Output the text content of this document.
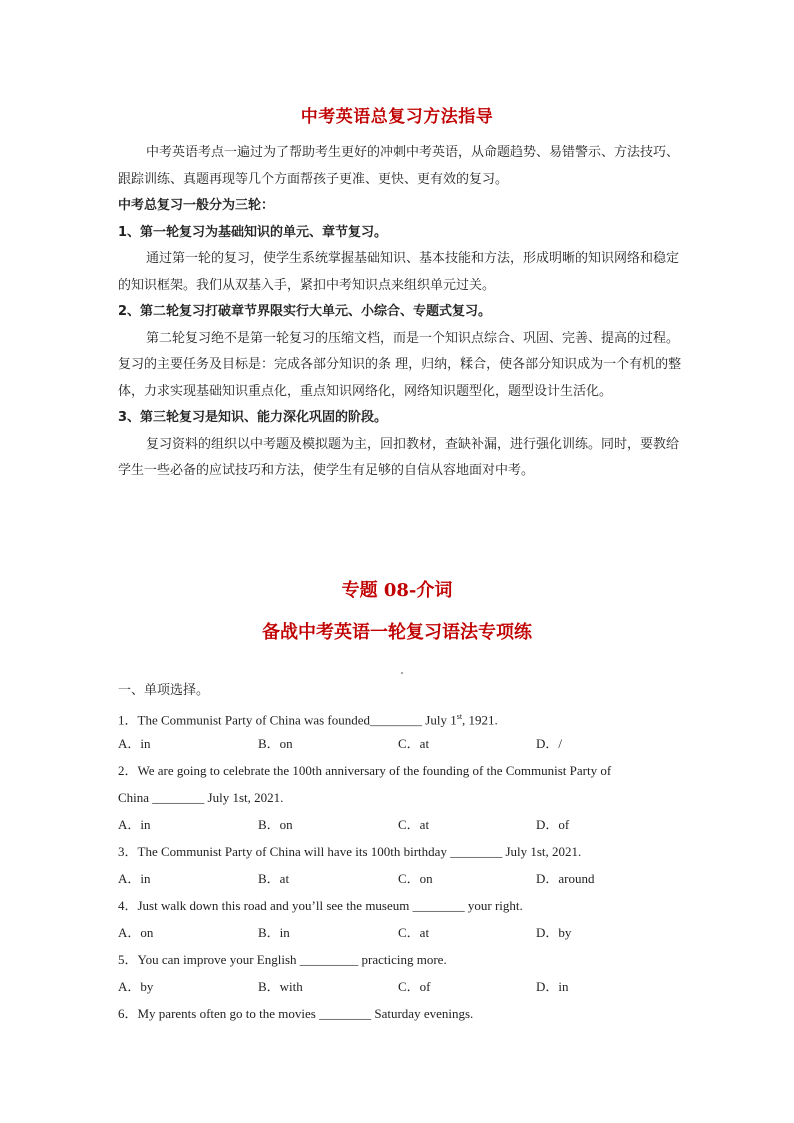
中考英语总复习方法指导

中考英语考点一遍过为了帮助考生更好的冲刺中考英语，从命题趋势、易错警示、方法技巧、跟踪训练、真题再现等几个方面帮孩子更准、更快、更有效的复习。

中考总复习一般分为三轮：

1、第一轮复习为基础知识的单元、章节复习。

通过第一轮的复习，使学生系统掌握基础知识、基本技能和方法，形成明晰的知识网络和稳定的知识框架。我们从双基入手，紧扣中考知识点来组织单元过关。

2、第二轮复习打破章节界限实行大单元、小综合、专题式复习。

第二轮复习绝不是第一轮复习的压缩文档，而是一个知识点综合、巩固、完善、提高的过程。复习的主要任务及目标是：完成各部分知识的条 理，归纳，糅合，使各部分知识成为一个有机的整体，力求实现基础知识重点化，重点知识网络化，网络知识题型化，题型设计生活化。

3、第三轮复习是知识、能力深化巩固的阶段。

复习资料的组织以中考题及模拟题为主，回扣教材，查缺补漏，进行强化训练。同时，要教给学生一些必备的应试技巧和方法，使学生有足够的自信从容地面对中考。

专题 08-介词
备战中考英语一轮复习语法专项练
一、单项选择。
1．The Communist Party of China was founded________ July 1st, 1921.
A．in	B．on	C．at	D．/
2．We are going to celebrate the 100th anniversary of the founding of the Communist Party of
China ________ July 1st, 2021.
A．in	B．on	C．at	D．of
3．The Communist Party of China will have its 100th birthday ________ July 1st, 2021.
A．in	B．at	C．on	D．around
4．Just walk down this road and you’ll see the museum ________ your right.
A．on	B．in	C．at	D．by
5．You can improve your English _________ practicing more.
A．by	B．with	C．of	D．in
6．My parents often go to the movies ________ Saturday evenings.
